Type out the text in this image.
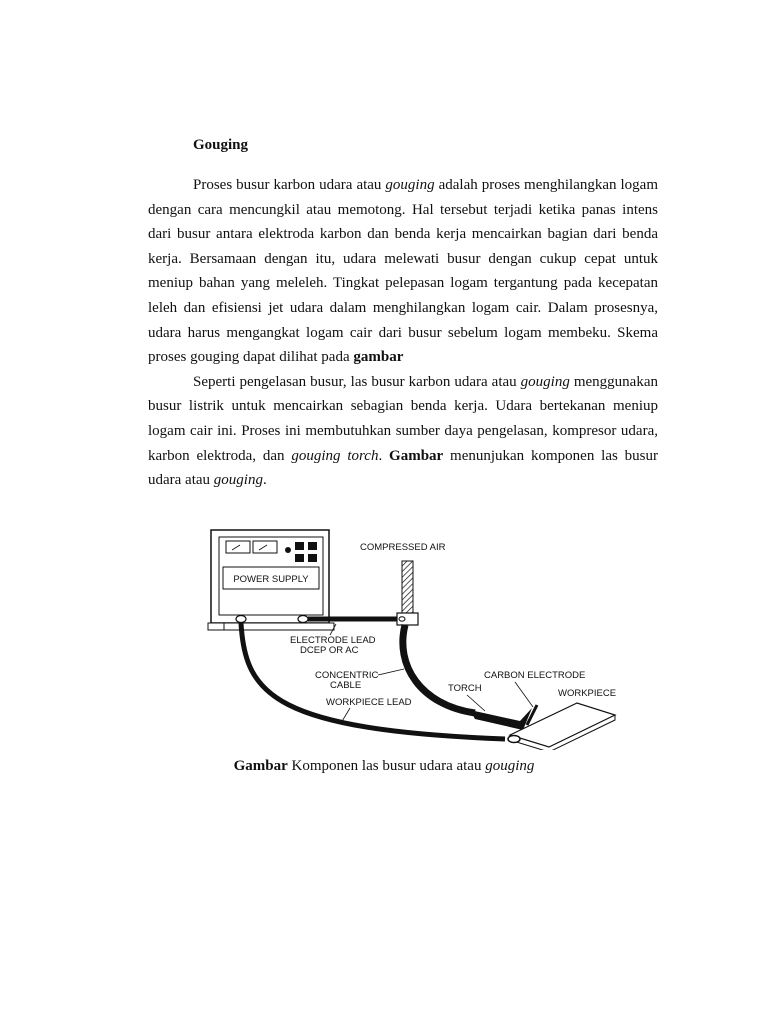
Gouging

Proses busur karbon udara atau gouging adalah proses menghilangkan logam dengan cara mencungkil atau memotong. Hal tersebut terjadi ketika panas intens dari busur antara elektroda karbon dan benda kerja mencairkan bagian dari benda kerja. Bersamaan dengan itu, udara melewati busur dengan cukup cepat untuk meniup bahan yang meleleh. Tingkat pelepasan logam tergantung pada kecepatan leleh dan efisiensi jet udara dalam menghilangkan logam cair. Dalam prosesnya, udara harus mengangkat logam cair dari busur sebelum logam membeku. Skema proses gouging dapat dilihat pada gambar

Seperti pengelasan busur, las busur karbon udara atau gouging menggunakan busur listrik untuk mencairkan sebagian benda kerja. Udara bertekanan meniup logam cair ini. Proses ini membutuhkan sumber daya pengelasan, kompresor udara, karbon elektroda, dan gouging torch. Gambar menunjukan komponen las busur udara atau gouging.

POWER SUPPLY
COMPRESSED AIR
ELECTRODE LEAD
DCEP OR AC
CONCENTRIC
CABLE
CARBON ELECTRODE
TORCH	WORKPIECE
WORKPIECE LEAD
Gambar Komponen las busur udara atau gouging
